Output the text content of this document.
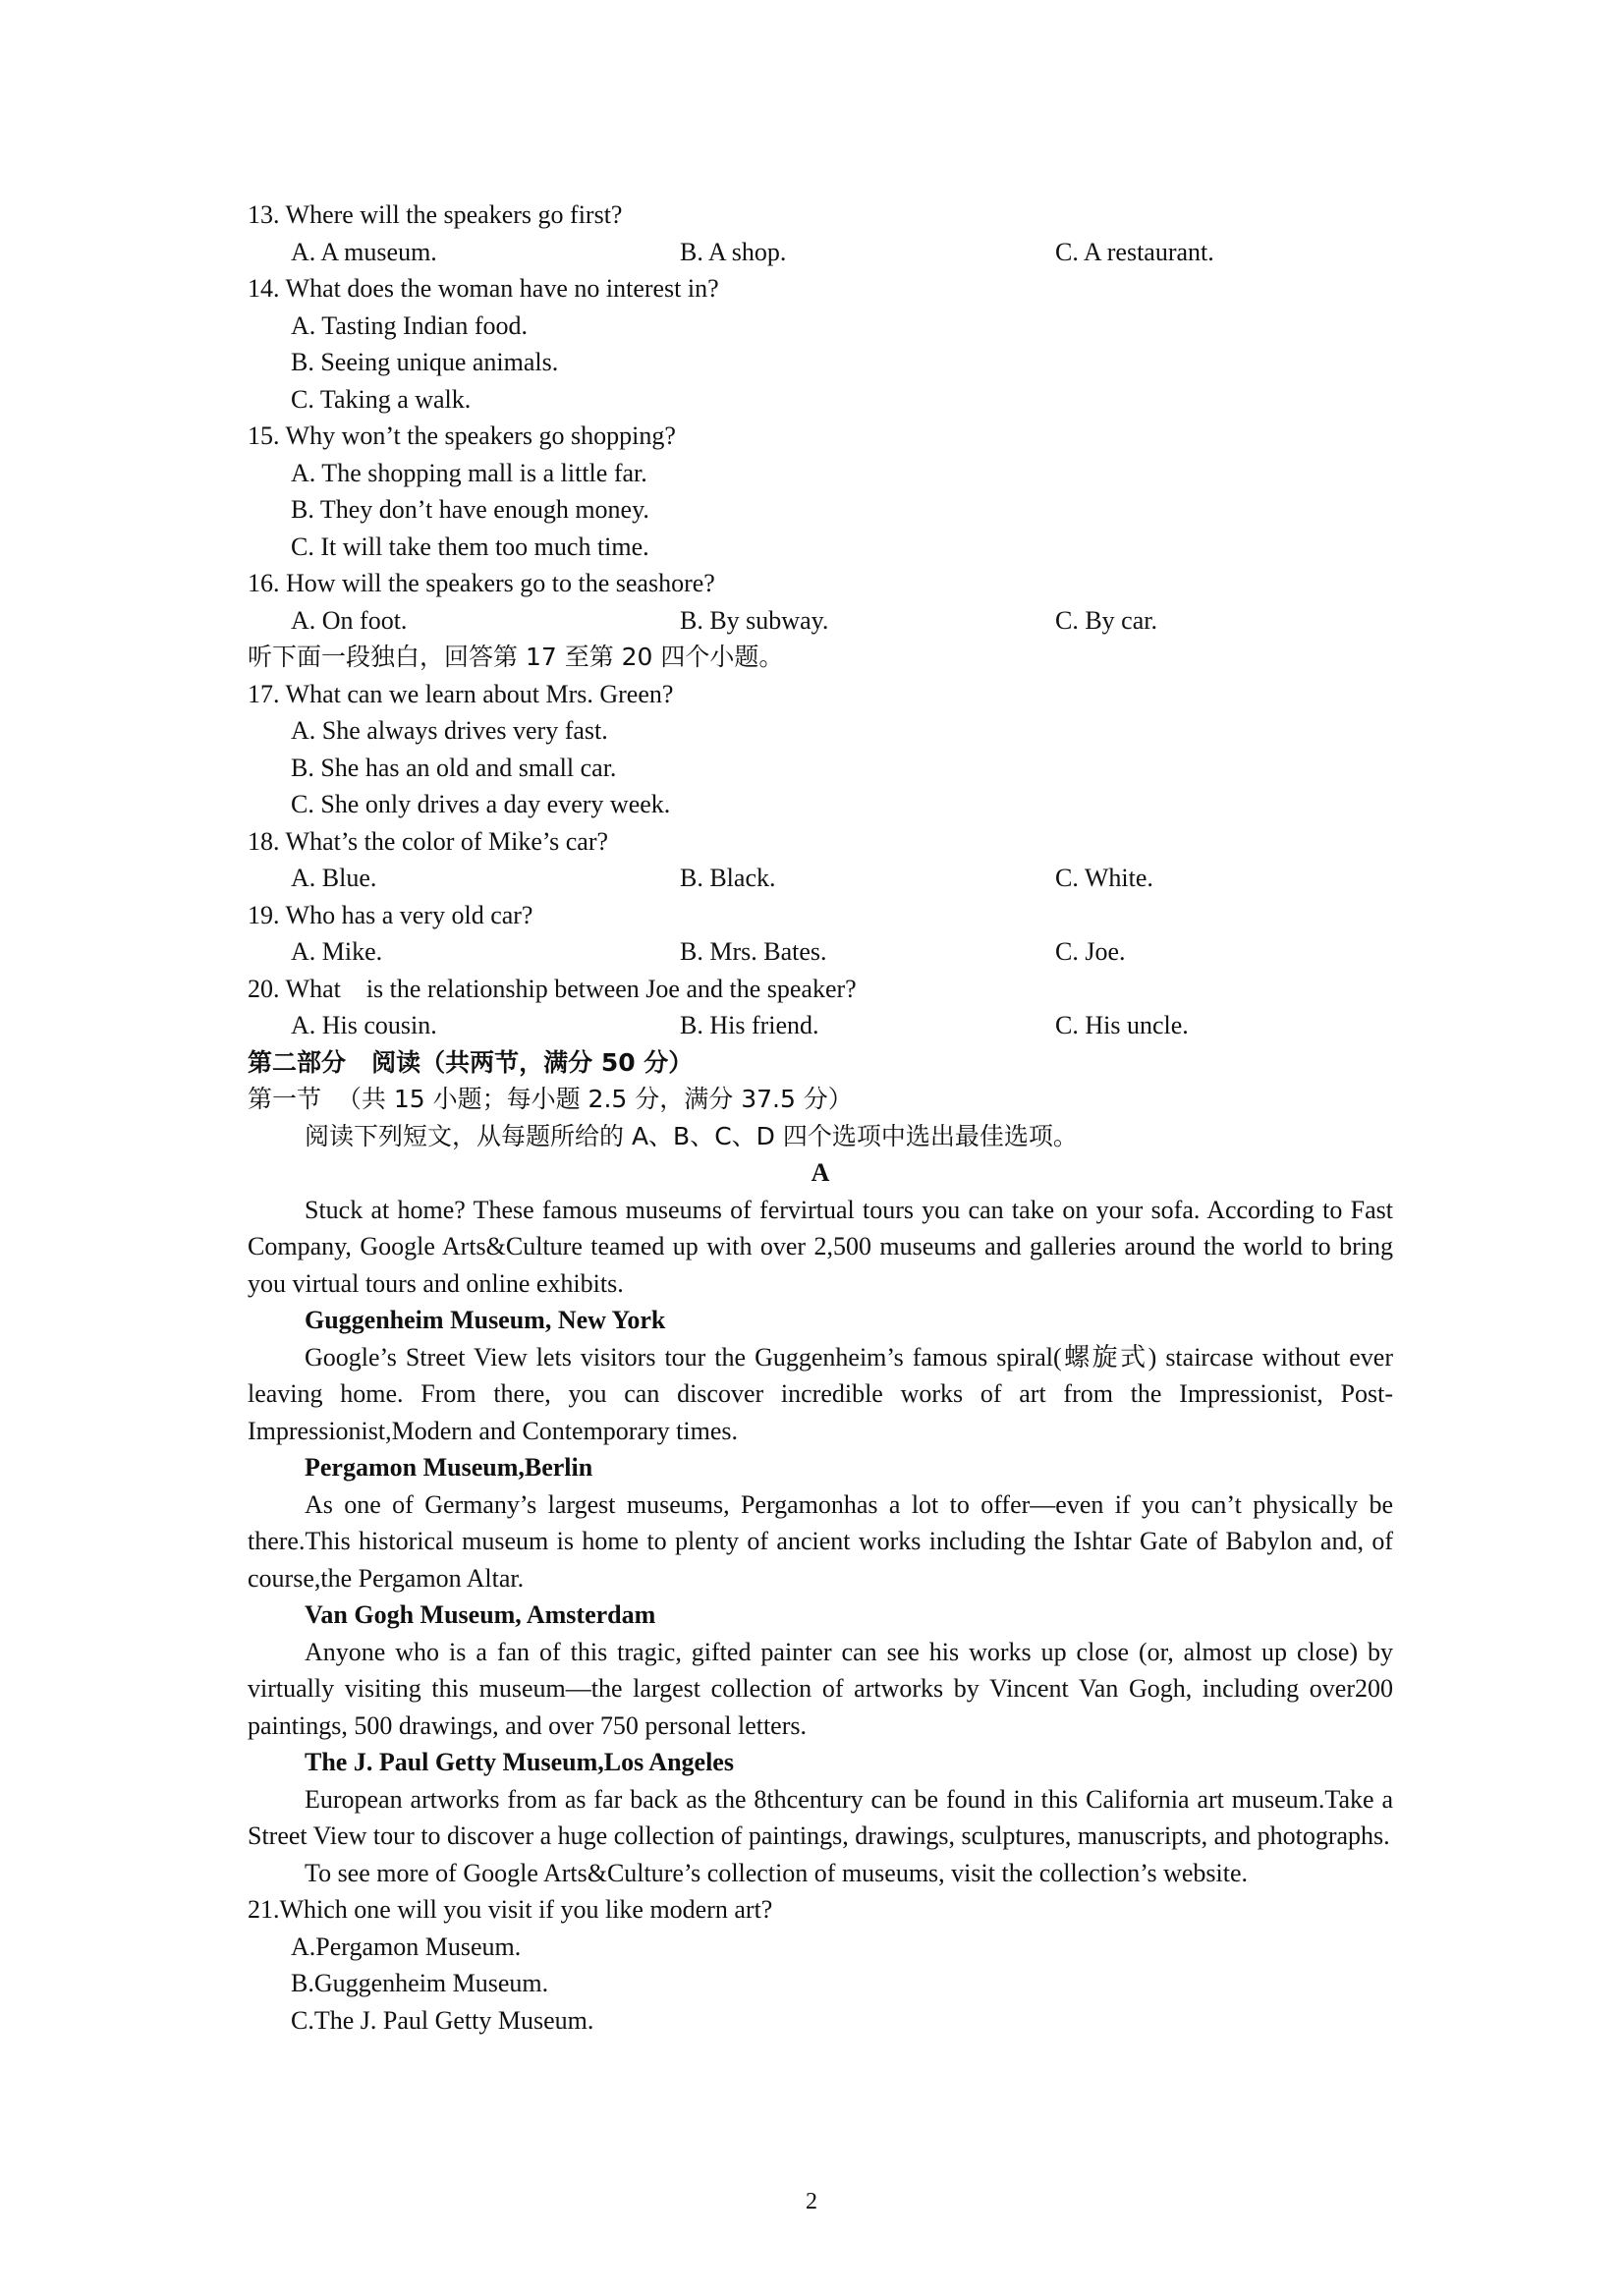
13. Where will the speakers go first?
A. A museum.	B. A shop.	C. A restaurant.
14. What does the woman have no interest in?
A. Tasting Indian food.
B. Seeing unique animals.
C. Taking a walk.
15. Why won’t the speakers go shopping?
A. The shopping mall is a little far.
B. They don’t have enough money.
C. It will take them too much time.
16. How will the speakers go to the seashore?
A. On foot.	B. By subway.	C. By car.
听下面一段独白，回答第 17 至第 20 四个小题。
17. What can we learn about Mrs. Green?
A. She always drives very fast.
B. She has an old and small car.
C. She only drives a day every week.
18. What’s the color of Mike’s car?
A. Blue.	B. Black.	C. White.
19. Who has a very old car?
A. Mike.	B. Mrs. Bates.	C. Joe.
20. What    is the relationship between Joe and the speaker?
A. His cousin.	B. His friend.	C. His uncle.
第二部分   阅读（共两节，满分 50 分）
第一节  （共 15 小题；每小题 2.5 分，满分 37.5 分）
阅读下列短文，从每题所给的 A、B、C、D 四个选项中选出最佳选项。
A
Stuck at home? These famous museums of fervirtual tours you can take on your sofa. According to Fast Company, Google Arts&Culture teamed up with over 2,500 museums and galleries around the world to bring you virtual tours and online exhibits.
Guggenheim Museum, New York
Google’s Street View lets visitors tour the Guggenheim’s famous spiral(螺旋式) staircase without ever leaving home. From there, you can discover incredible works of art from the Impressionist, Post-Impressionist,Modern and Contemporary times.
Pergamon Museum,Berlin
As one of Germany’s largest museums, Pergamonhas a lot to offer—even if you can’t physically be there.This historical museum is home to plenty of ancient works including the Ishtar Gate of Babylon and, of course,the Pergamon Altar.
Van Gogh Museum, Amsterdam
Anyone who is a fan of this tragic, gifted painter can see his works up close (or, almost up close) by virtually visiting this museum—the largest collection of artworks by Vincent Van Gogh, including over200 paintings, 500 drawings, and over 750 personal letters.
The J. Paul Getty Museum,Los Angeles
European artworks from as far back as the 8thcentury can be found in this California art museum.Take a Street View tour to discover a huge collection of paintings, drawings, sculptures, manuscripts, and photographs.
To see more of Google Arts&Culture’s collection of museums, visit the collection’s website.
21.Which one will you visit if you like modern art?
A.Pergamon Museum.
B.Guggenheim Museum.
C.The J. Paul Getty Museum.
2
